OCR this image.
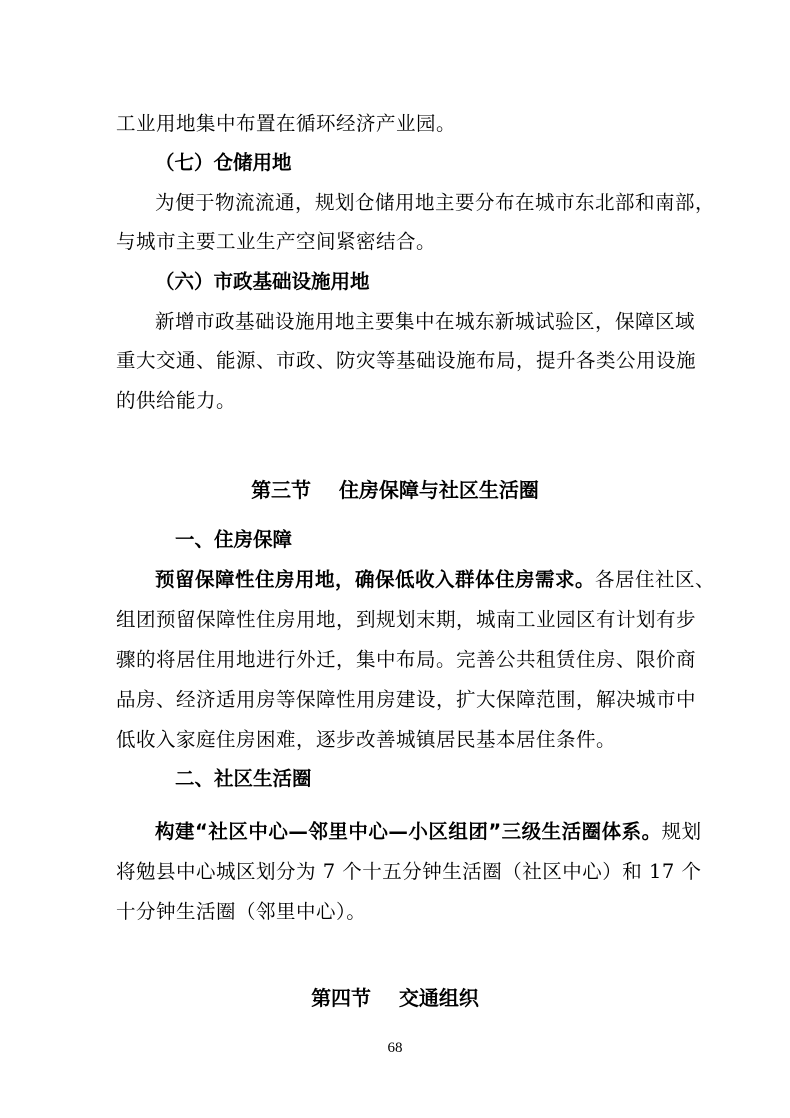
工业用地集中布置在循环经济产业园。
（七）仓储用地
为便于物流流通，规划仓储用地主要分布在城市东北部和南部，
与城市主要工业生产空间紧密结合。
（六）市政基础设施用地
新增市政基础设施用地主要集中在城东新城试验区，保障区域
重大交通、能源、市政、防灾等基础设施布局，提升各类公用设施
的供给能力。
第三节    住房保障与社区生活圈
一、住房保障
预留保障性住房用地，确保低收入群体住房需求。各居住社区、
组团预留保障性住房用地，到规划末期，城南工业园区有计划有步
骤的将居住用地进行外迁，集中布局。完善公共租赁住房、限价商
品房、经济适用房等保障性用房建设，扩大保障范围，解决城市中
低收入家庭住房困难，逐步改善城镇居民基本居住条件。
二、社区生活圈
构建“社区中心—邻里中心—小区组团”三级生活圈体系。规划
将勉县中心城区划分为 7 个十五分钟生活圈（社区中心）和 17 个
十分钟生活圈（邻里中心）。
第四节    交通组织
68
